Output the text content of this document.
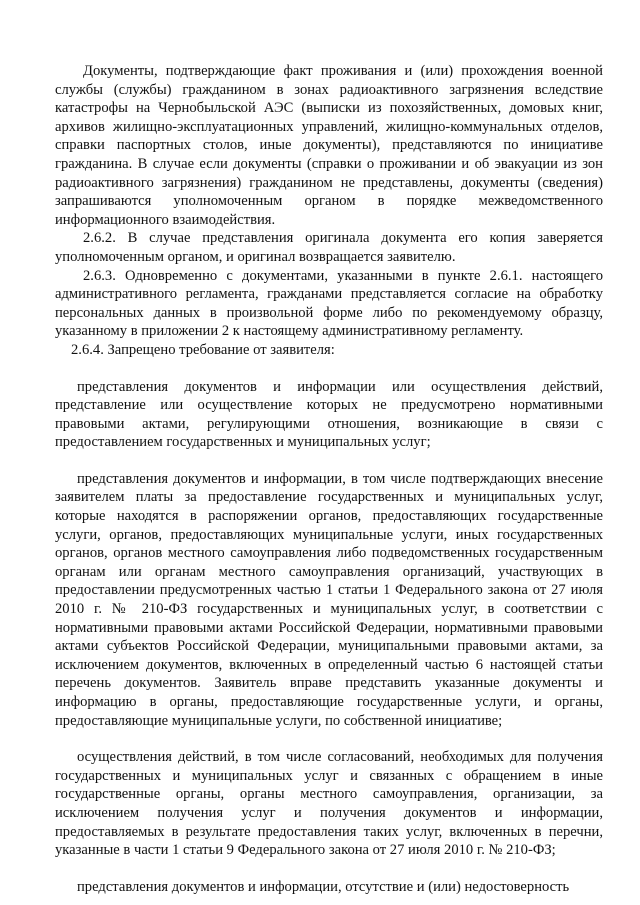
Документы, подтверждающие факт проживания и (или) прохождения военной службы (службы) гражданином в зонах радиоактивного загрязнения вследствие катастрофы на Чернобыльской АЭС (выписки из похозяйственных, домовых книг, архивов жилищно-эксплуатационных управлений, жилищно-коммунальных отделов, справки паспортных столов, иные документы), представляются по инициативе гражданина. В случае если документы (справки о проживании и об эвакуации из зон радиоактивного загрязнения) гражданином не представлены, документы (сведения) запрашиваются уполномоченным органом в порядке межведомственного информационного взаимодействия.

2.6.2. В случае представления оригинала документа его копия заверяется уполномоченным органом, и оригинал возвращается заявителю.

2.6.3. Одновременно с документами, указанными в пункте 2.6.1. настоящего административного регламента, гражданами представляется согласие на обработку персональных данных в произвольной форме либо по рекомендуемому образцу, указанному в приложении 2 к настоящему административному регламенту.

2.6.4. Запрещено требование от заявителя:

представления документов и информации или осуществления действий, представление или осуществление которых не предусмотрено нормативными правовыми актами, регулирующими отношения, возникающие в связи с предоставлением государственных и муниципальных услуг;

представления документов и информации, в том числе подтверждающих внесение заявителем платы за предоставление государственных и муниципальных услуг, которые находятся в распоряжении органов, предоставляющих государственные услуги, органов, предоставляющих муниципальные услуги, иных государственных органов, органов местного самоуправления либо подведомственных государственным органам или органам местного самоуправления организаций, участвующих в предоставлении предусмотренных частью 1 статьи 1 Федерального закона от 27 июля 2010 г. № 210-ФЗ государственных и муниципальных услуг, в соответствии с нормативными правовыми актами Российской Федерации, нормативными правовыми актами субъектов Российской Федерации, муниципальными правовыми актами, за исключением документов, включенных в определенный частью 6 настоящей статьи перечень документов. Заявитель вправе представить указанные документы и информацию в органы, предоставляющие государственные услуги, и органы, предоставляющие муниципальные услуги, по собственной инициативе;

осуществления действий, в том числе согласований, необходимых для получения государственных и муниципальных услуг и связанных с обращением в иные государственные органы, органы местного самоуправления, организации, за исключением получения услуг и получения документов и информации, предоставляемых в результате предоставления таких услуг, включенных в перечни, указанные в части 1 статьи 9 Федерального закона от 27 июля 2010 г. № 210-ФЗ;

представления документов и информации, отсутствие и (или) недостоверность
